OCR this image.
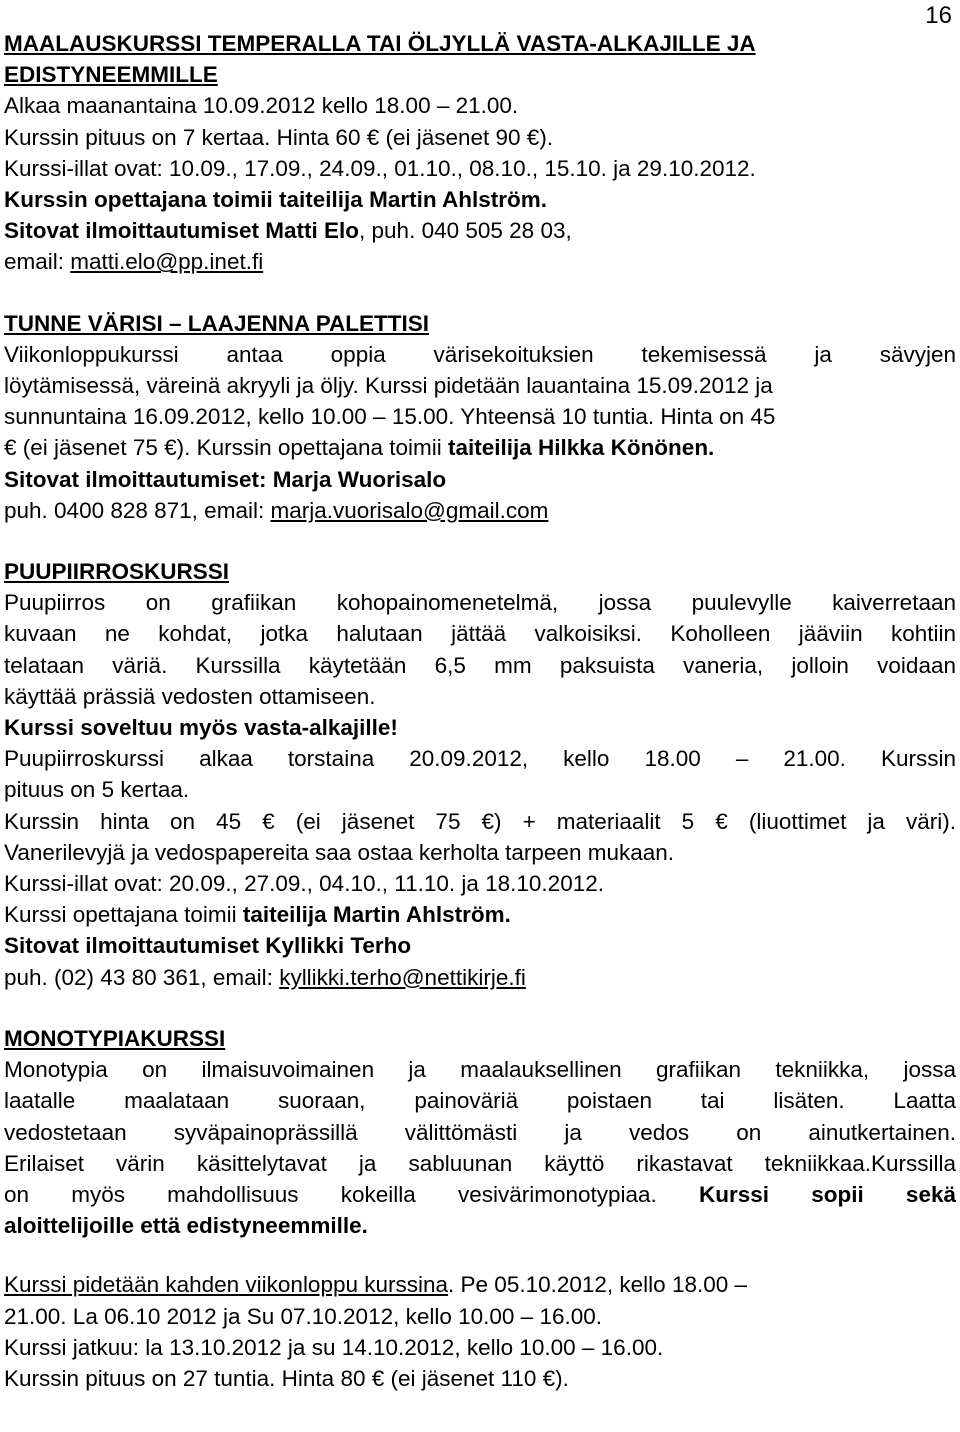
16
MAALAUSKURSSI TEMPERALLA TAI ÖLJYLLÄ VASTA-ALKAJILLE JA
EDISTYNEEMMILLE
Alkaa maanantaina 10.09.2012 kello 18.00 – 21.00.
Kurssin pituus on 7 kertaa. Hinta 60 € (ei jäsenet 90 €).
Kurssi-illat ovat: 10.09., 17.09., 24.09., 01.10., 08.10., 15.10. ja 29.10.2012.
Kurssin opettajana toimii taiteilija Martin Ahlström.
Sitovat ilmoittautumiset Matti Elo, puh. 040 505 28 03,
email: matti.elo@pp.inet.fi
TUNNE VÄRISI – LAAJENNA PALETTISI
Viikonloppukurssi antaa oppia värisekoituksien tekemisessä ja sävyjen
löytämisessä, väreinä akryyli ja öljy. Kurssi pidetään lauantaina 15.09.2012 ja
sunnuntaina 16.09.2012, kello 10.00 – 15.00. Yhteensä 10 tuntia. Hinta on 45
€ (ei jäsenet 75 €). Kurssin opettajana toimii taiteilija Hilkka Könönen.
Sitovat ilmoittautumiset: Marja Wuorisalo
puh. 0400 828 871, email: marja.vuorisalo@gmail.com
PUUPIIRROSKURSSI
Puupiirros on grafiikan kohopainomenetelmä, jossa puulevylle kaiverretaan
kuvaan ne kohdat, jotka halutaan jättää valkoisiksi. Koholleen jääviin kohtiin
telataan väriä. Kurssilla käytetään 6,5 mm paksuista vaneria, jolloin voidaan
käyttää prässiä vedosten ottamiseen.
Kurssi soveltuu myös vasta-alkajille!
Puupiirroskurssi alkaa torstaina 20.09.2012, kello 18.00 – 21.00. Kurssin
pituus on 5 kertaa.
Kurssin hinta on 45 € (ei jäsenet 75 €) + materiaalit 5 € (liuottimet ja väri).
Vanerilevyjä ja vedospapereita saa ostaa kerholta tarpeen mukaan.
Kurssi-illat ovat: 20.09., 27.09., 04.10., 11.10. ja 18.10.2012.
Kurssi opettajana toimii taiteilija Martin Ahlström.
Sitovat ilmoittautumiset Kyllikki Terho
puh. (02) 43 80 361, email: kyllikki.terho@nettikirje.fi
MONOTYPIAKURSSI
Monotypia on ilmaisuvoimainen ja maalauksellinen grafiikan tekniikka, jossa
laatalle maalataan suoraan, painoväriä poistaen tai lisäten. Laatta
vedostetaan syväpainoprässillä välittömästi ja vedos on ainutkertainen.
Erilaiset värin käsittelytavat ja sabluunan käyttö rikastavat tekniikkaa.Kurssilla
on myös mahdollisuus kokeilla vesivärimonotypiaa. Kurssi sopii sekä
aloittelijoille että edistyneemmille.
Kurssi pidetään kahden viikonloppu kurssina. Pe 05.10.2012, kello 18.00 –
21.00. La 06.10 2012 ja Su 07.10.2012, kello 10.00 – 16.00.
Kurssi jatkuu: la 13.10.2012 ja su 14.10.2012, kello 10.00 – 16.00.
Kurssin pituus on 27 tuntia. Hinta 80 € (ei jäsenet 110 €).
